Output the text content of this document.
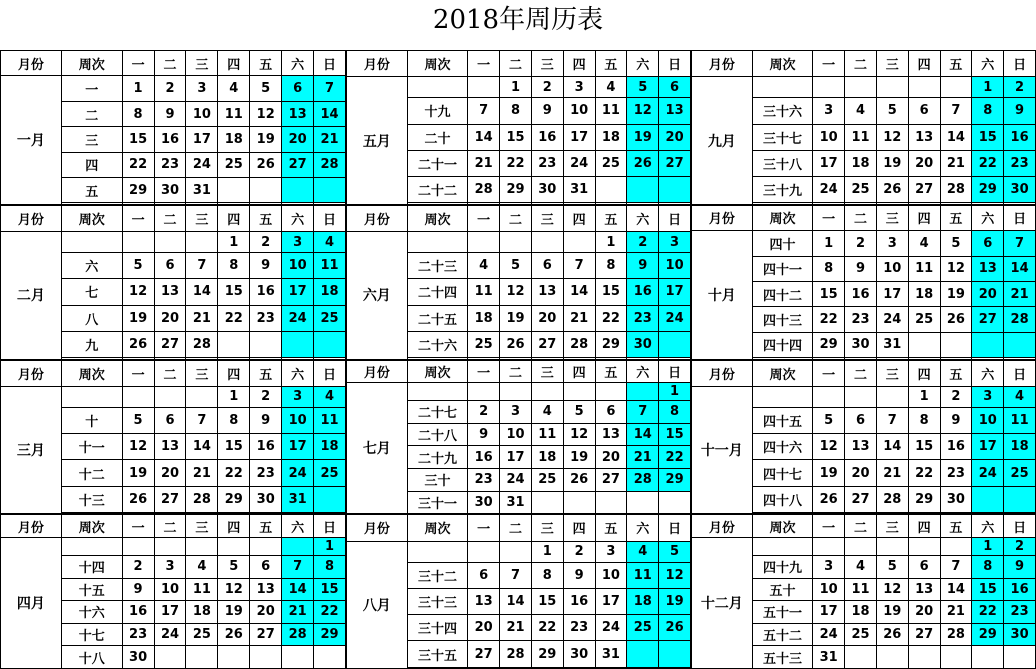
2018年周历表
月份	周次	一	二	三	四	五	六	日
一月	一	1	2	3	4	5	6	7
	二	8	9	10	11	12	13	14
	三	15	16	17	18	19	20	21
	四	22	23	24	25	26	27	28
	五	29	30	31				

月份	周次	一	二	三	四	五	六	日
五月			1	2	3	4	5	6
	十九	7	8	9	10	11	12	13
	二十	14	15	16	17	18	19	20
	二十一	21	22	23	24	25	26	27
	二十二	28	29	30	31			

月份	周次	一	二	三	四	五	六	日
九月							1	2
	三十六	3	4	5	6	7	8	9
	三十七	10	11	12	13	14	15	16
	三十八	17	18	19	20	21	22	23
	三十九	24	25	26	27	28	29	30

月份	周次	一	二	三	四	五	六	日
二月					1	2	3	4
	六	5	6	7	8	9	10	11
	七	12	13	14	15	16	17	18
	八	19	20	21	22	23	24	25
	九	26	27	28				

月份	周次	一	二	三	四	五	六	日
六月						1	2	3
	二十三	4	5	6	7	8	9	10
	二十四	11	12	13	14	15	16	17
	二十五	18	19	20	21	22	23	24
	二十六	25	26	27	28	29	30	

月份	周次	一	二	三	四	五	六	日
十月	四十	1	2	3	4	5	6	7
	四十一	8	9	10	11	12	13	14
	四十二	15	16	17	18	19	20	21
	四十三	22	23	24	25	26	27	28
	四十四	29	30	31				

月份	周次	一	二	三	四	五	六	日
三月					1	2	3	4
	十	5	6	7	8	9	10	11
	十一	12	13	14	15	16	17	18
	十二	19	20	21	22	23	24	25
	十三	26	27	28	29	30	31	

月份	周次	一	二	三	四	五	六	日
七月								1
	二十七	2	3	4	5	6	7	8
	二十八	9	10	11	12	13	14	15
	二十九	16	17	18	19	20	21	22
	三十	23	24	25	26	27	28	29
	三十一	30	31					
月份	周次	一	二	三	四	五	六	日
十一月					1	2	3	4
	四十五	5	6	7	8	9	10	11
	四十六	12	13	14	15	16	17	18
	四十七	19	20	21	22	23	24	25
	四十八	26	27	28	29	30		

月份	周次	一	二	三	四	五	六	日
四月								1
	十四	2	3	4	5	6	7	8
	十五	9	10	11	12	13	14	15
	十六	16	17	18	19	20	21	22
	十七	23	24	25	26	27	28	29
	十八	30						
月份	周次	一	二	三	四	五	六	日
八月				1	2	3	4	5
	三十二	6	7	8	9	10	11	12
	三十三	13	14	15	16	17	18	19
	三十四	20	21	22	23	24	25	26
	三十五	27	28	29	30	31		

月份	周次	一	二	三	四	五	六	日
十二月							1	2
	四十九	3	4	5	6	7	8	9
	五十	10	11	12	13	14	15	16
	五十一	17	18	19	20	21	22	23
	五十二	24	25	26	27	28	29	30
	五十三	31						
